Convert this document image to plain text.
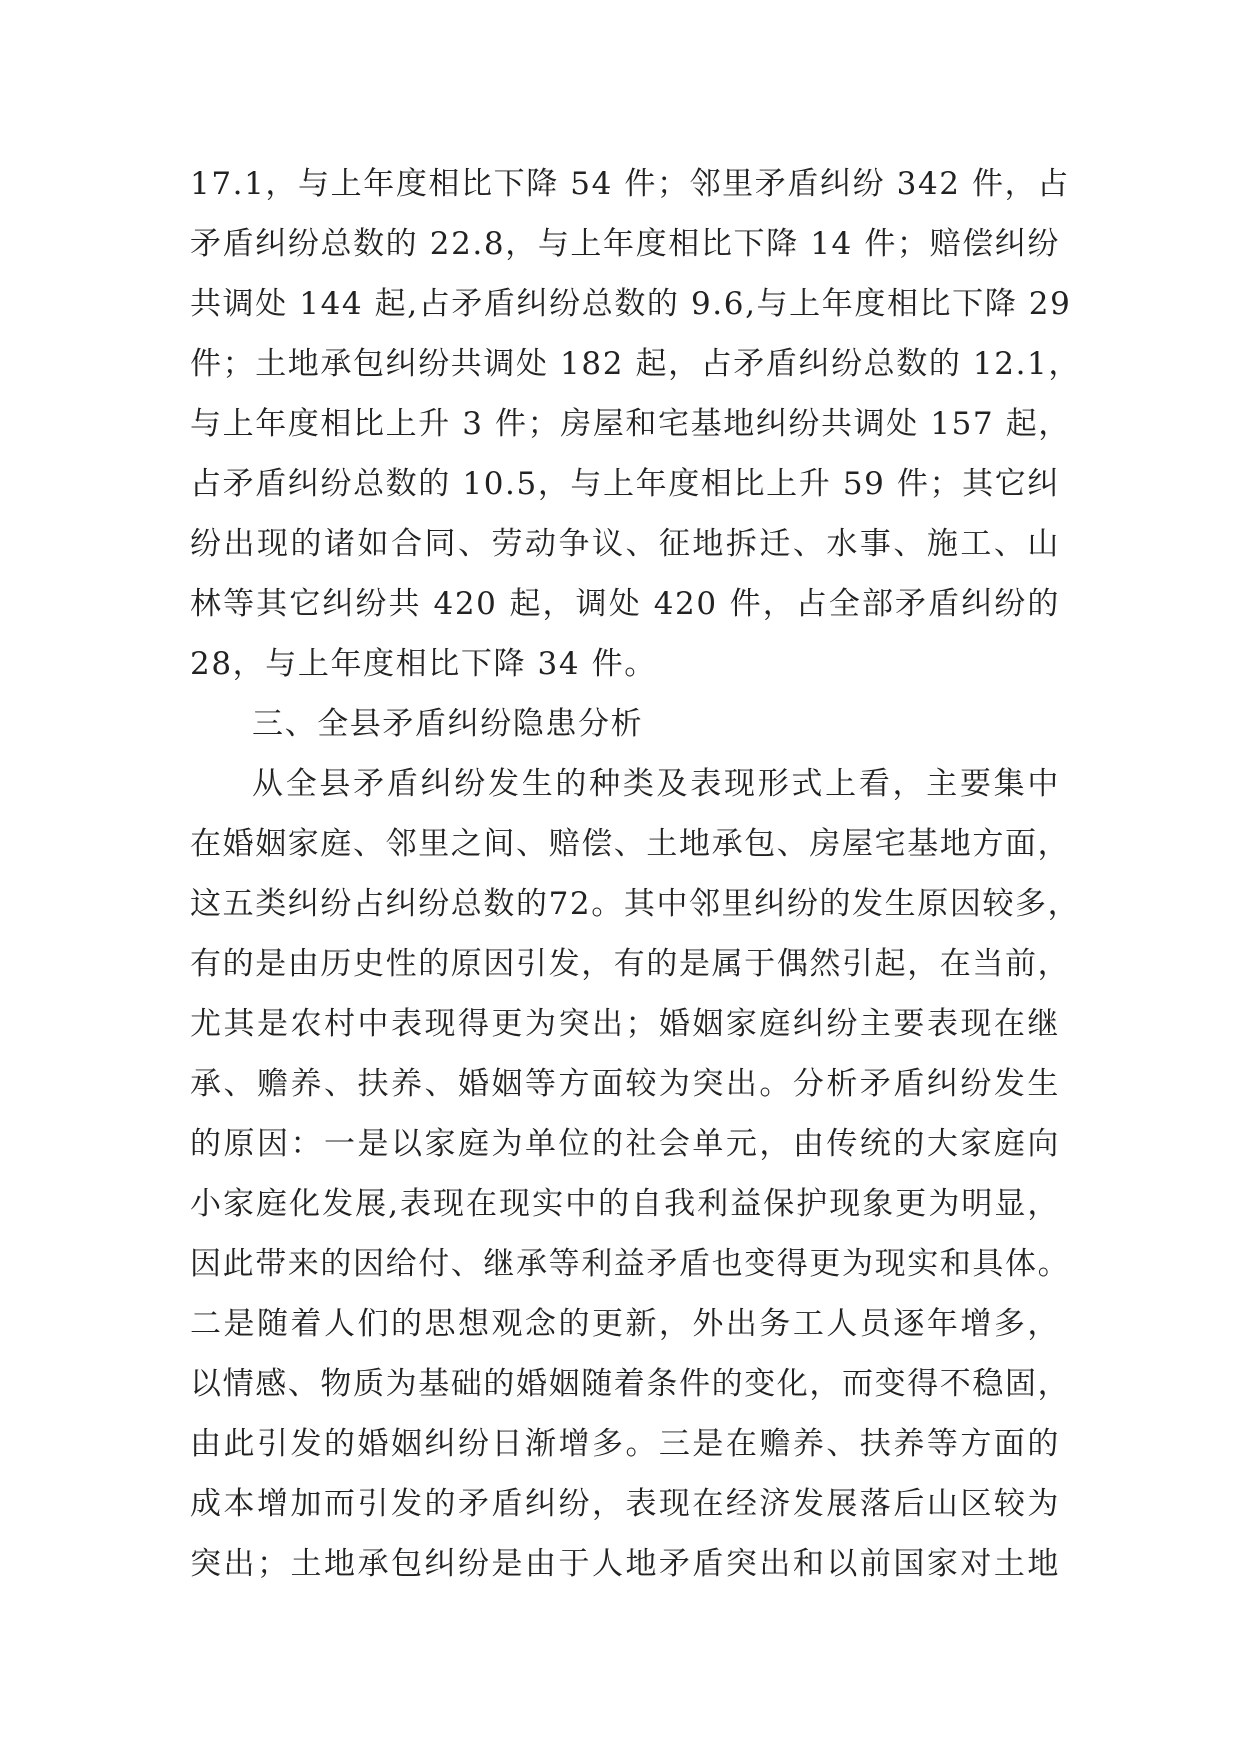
17.1，与上年度相比下降 54 件；邻里矛盾纠纷 342 件，占
矛盾纠纷总数的 22.8，与上年度相比下降 14 件；赔偿纠纷
共调处 144 起,占矛盾纠纷总数的 9.6,与上年度相比下降 29
件；土地承包纠纷共调处 182 起，占矛盾纠纷总数的 12.1，
与上年度相比上升 3 件；房屋和宅基地纠纷共调处 157 起，
占矛盾纠纷总数的 10.5，与上年度相比上升 59 件；其它纠
纷出现的诸如合同、劳动争议、征地拆迁、水事、施工、山
林等其它纠纷共 420 起，调处 420 件，占全部矛盾纠纷的
28，与上年度相比下降 34 件。
三、全县矛盾纠纷隐患分析
从全县矛盾纠纷发生的种类及表现形式上看，主要集中
在婚姻家庭、邻里之间、赔偿、土地承包、房屋宅基地方面，
这五类纠纷占纠纷总数的72。其中邻里纠纷的发生原因较多，
有的是由历史性的原因引发，有的是属于偶然引起，在当前，
尤其是农村中表现得更为突出；婚姻家庭纠纷主要表现在继
承、赡养、扶养、婚姻等方面较为突出。分析矛盾纠纷发生
的原因：一是以家庭为单位的社会单元，由传统的大家庭向
小家庭化发展,表现在现实中的自我利益保护现象更为明显，
因此带来的因给付、继承等利益矛盾也变得更为现实和具体。
二是随着人们的思想观念的更新，外出务工人员逐年增多，
以情感、物质为基础的婚姻随着条件的变化，而变得不稳固，
由此引发的婚姻纠纷日渐增多。三是在赡养、扶养等方面的
成本增加而引发的矛盾纠纷，表现在经济发展落后山区较为
突出；土地承包纠纷是由于人地矛盾突出和以前国家对土地
